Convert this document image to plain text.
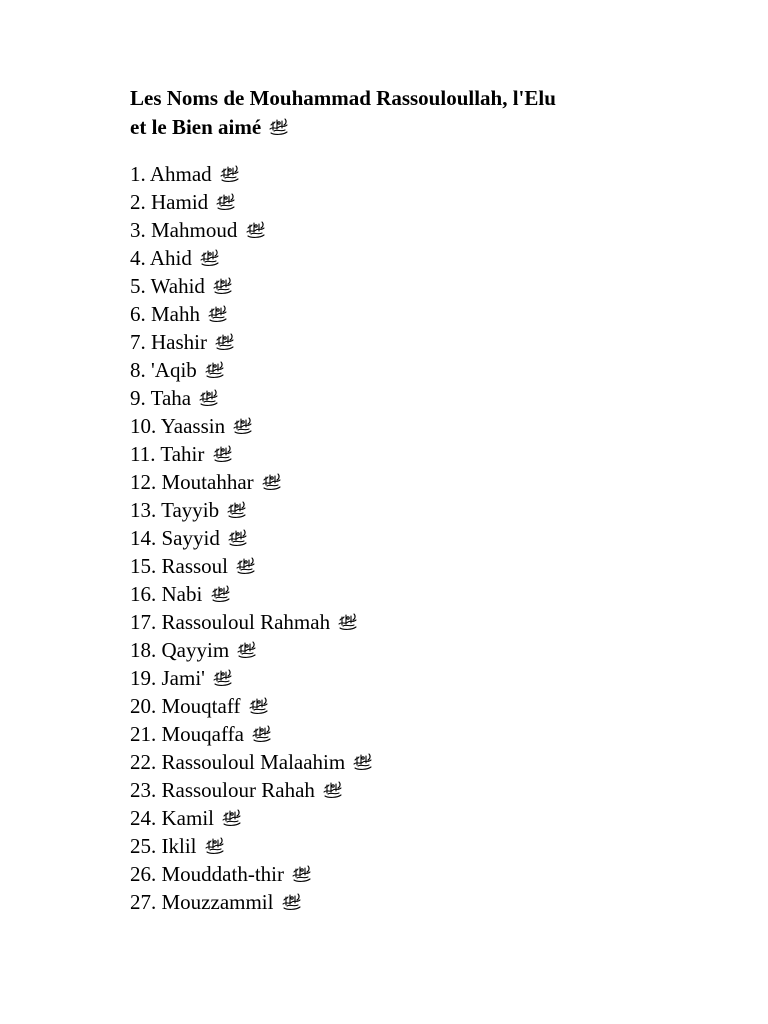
Les Noms de Mouhammad Rassouloullah, l'Elu
et le Bien aimé
1. Ahmad
2. Hamid
3. Mahmoud
4. Ahid
5. Wahid
6. Mahh
7. Hashir
8. 'Aqib
9. Taha
10. Yaassin
11. Tahir
12. Moutahhar
13. Tayyib
14. Sayyid
15. Rassoul
16. Nabi
17. Rassouloul Rahmah
18. Qayyim
19. Jami'
20. Mouqtaff
21. Mouqaffa
22. Rassouloul Malaahim
23. Rassoulour Rahah
24. Kamil
25. Iklil
26. Mouddath-thir
27. Mouzzammil
